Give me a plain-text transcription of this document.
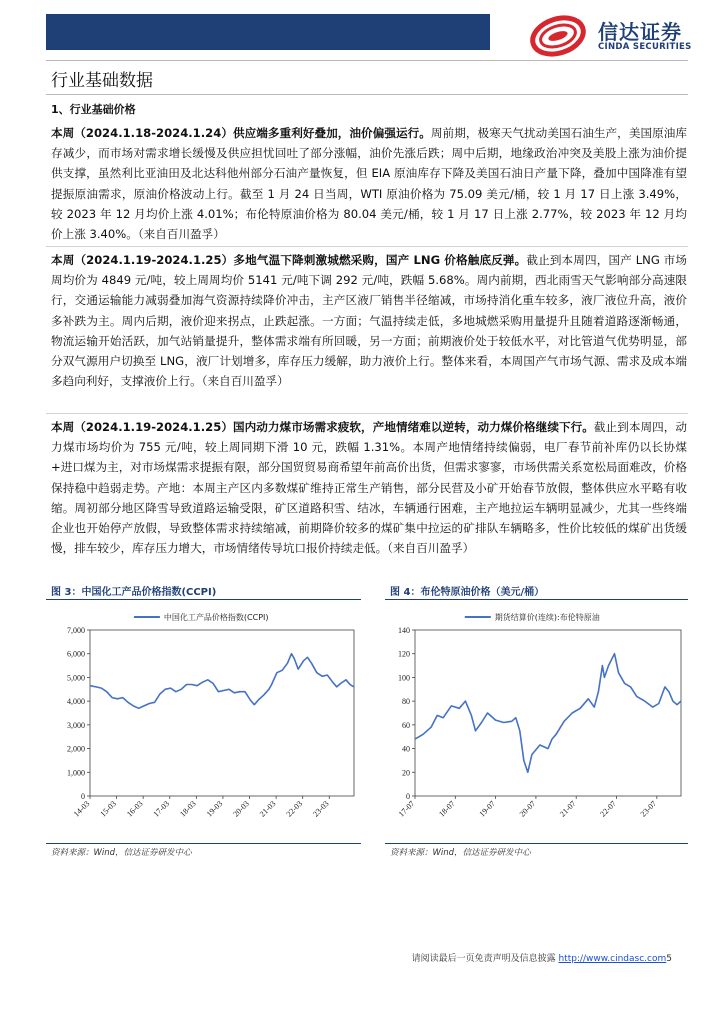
信达证券
CINDA SECURITIES
行业基础数据
1、行业基础价格
本周（2024.1.18-2024.1.24）供应端多重利好叠加，油价偏强运行。周前期，极寒天气扰动美国石油生产，美国原油库存减少，而市场对需求增长缓慢及供应担忧回吐了部分涨幅，油价先涨后跌；周中后期，地缘政治冲突及美股上涨为油价提供支撑，虽然利比亚油田及北达科他州部分石油产量恢复，但 EIA 原油库存下降及美国石油日产量下降，叠加中国降准有望提振原油需求，原油价格波动上行。截至 1 月 24 日当周，WTI 原油价格为 75.09 美元/桶，较 1 月 17 日上涨 3.49%，较 2023 年 12 月均价上涨 4.01%；布伦特原油价格为 80.04 美元/桶，较 1 月 17 日上涨 2.77%，较 2023 年 12 月均价上涨 3.40%。（来自百川盈孚）
本周（2024.1.19-2024.1.25）多地气温下降刺激城燃采购，国产 LNG 价格触底反弹。截止到本周四，国产 LNG 市场周均价为 4849 元/吨，较上周周均价 5141 元/吨下调 292 元/吨，跌幅 5.68%。周内前期，西北雨雪天气影响部分高速限行，交通运输能力减弱叠加海气资源持续降价冲击，主产区液厂销售半径缩减，市场持消化重车较多，液厂液位升高，液价多补跌为主。周内后期，液价迎来拐点，止跌起涨。一方面；气温持续走低，多地城燃采购用量提升且随着道路逐渐畅通，物流运输开始活跃，加气站销量提升，整体需求端有所回暖，另一方面；前期液价处于较低水平，对比管道气优势明显，部分双气源用户切换至 LNG，液厂计划增多，库存压力缓解，助力液价上行。整体来看，本周国产气市场气源、需求及成本端多趋向利好，支撑液价上行。（来自百川盈孚）
本周（2024.1.19-2024.1.25）国内动力煤市场需求疲软，产地情绪难以逆转，动力煤价格继续下行。截止到本周四，动力煤市场均价为 755 元/吨，较上周同期下滑 10 元，跌幅 1.31%。本周产地情绪持续偏弱，电厂春节前补库仍以长协煤+进口煤为主，对市场煤需求提振有限，部分国贸贸易商希望年前高价出货，但需求寥寥，市场供需关系宽松局面难改，价格保持稳中趋弱走势。产地：本周主产区内多数煤矿维持正常生产销售，部分民营及小矿开始春节放假，整体供应水平略有收缩。周初部分地区降雪导致道路运输受限，矿区道路积雪、结冰，车辆通行困难，主产地拉运车辆明显减少，尤其一些终端企业也开始停产放假，导致整体需求持续缩减，前期降价较多的煤矿集中拉运的矿排队车辆略多，性价比较低的煤矿出货缓慢，排车较少，库存压力增大，市场情绪传导坑口报价持续走低。（来自百川盈孚）
图 3：中国化工产品价格指数(CCPI)
0
1,000
2,000
3,000
4,000
5,000
6,000
7,000
14-03 15-03 16-03 17-03 18-03 19-03 20-03 21-03 22-03 23-03
中国化工产品价格指数(CCPI)
资料来源：Wind，信达证券研发中心
图 4：布伦特原油价格（美元/桶）
0
20
40
60
80
100
120
140
17-07	18-07	19-07	20-07	21-07	22-07	23-07
期货结算价(连续):布伦特原油
资料来源：Wind，信达证券研发中心
请阅读最后一页免责声明及信息披露 http://www.cindasc.com5
